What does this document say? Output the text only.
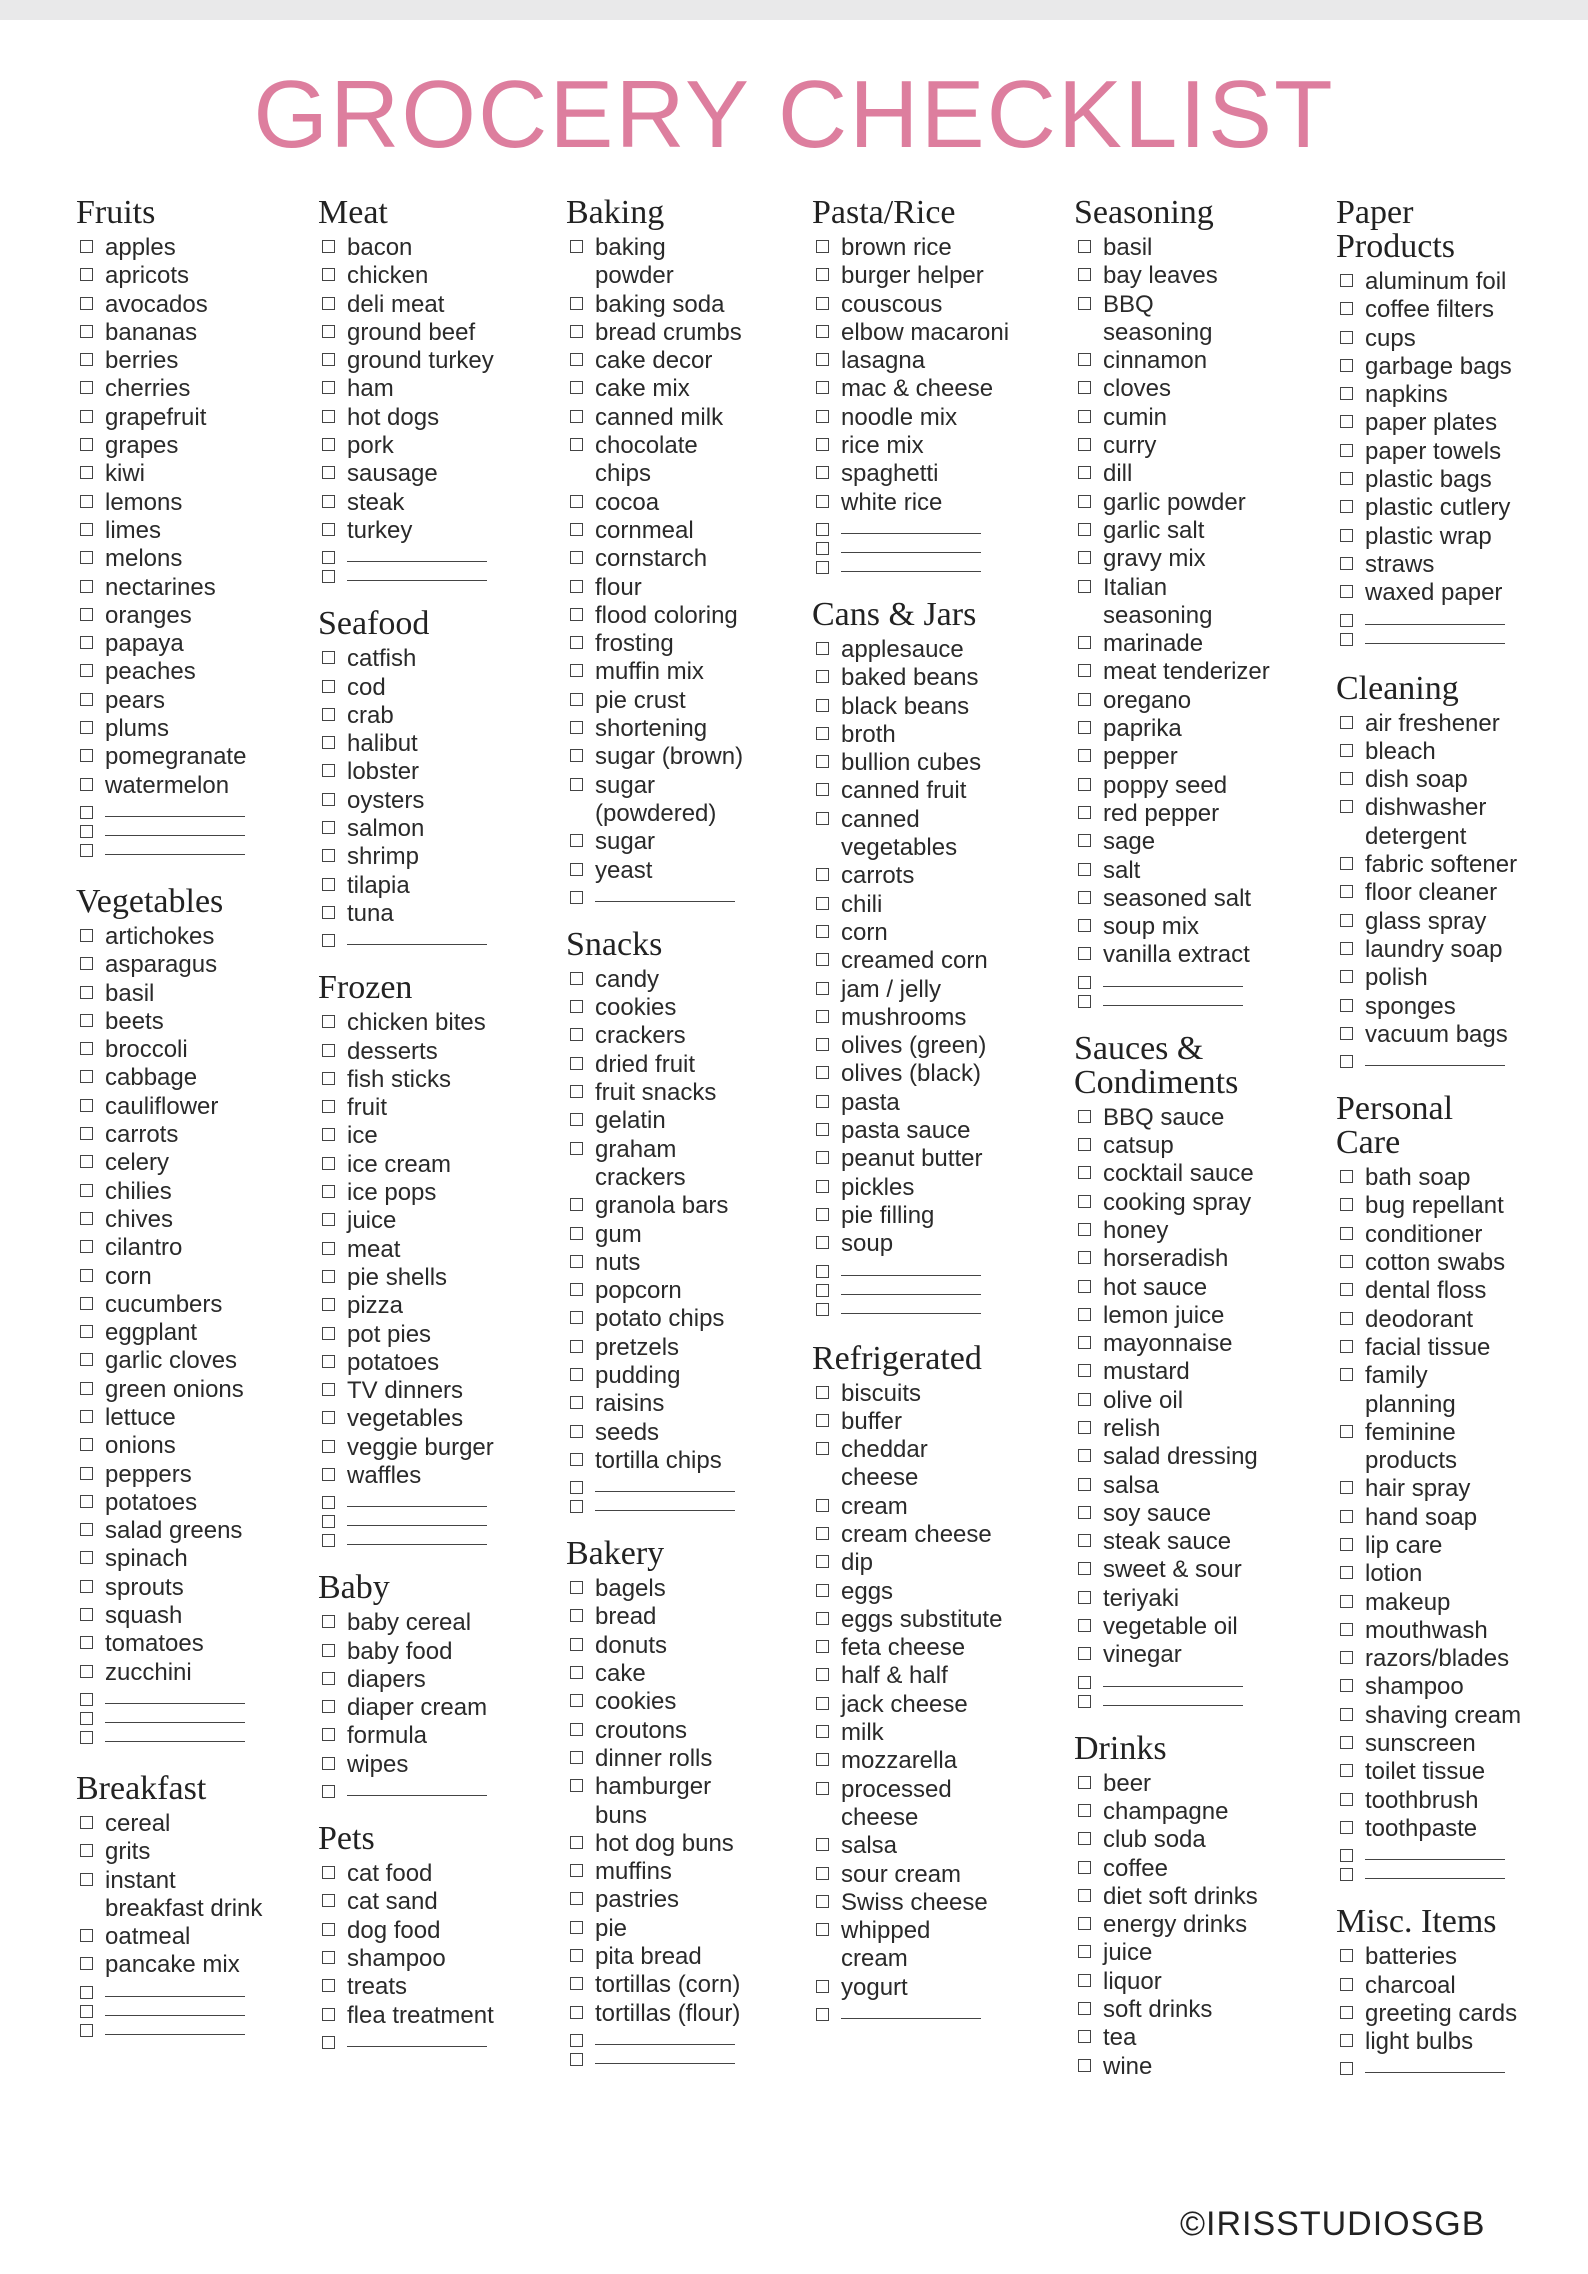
GROCERY CHECKLIST
Fruits
apples
apricots
avocados
bananas
berries
cherries
grapefruit
grapes
kiwi
lemons
limes
melons
nectarines
oranges
papaya
peaches
pears
plums
pomegranate
watermelon
Vegetables
artichokes
asparagus
basil
beets
broccoli
cabbage
cauliflower
carrots
celery
chilies
chives
cilantro
corn
cucumbers
eggplant
garlic cloves
green onions
lettuce
onions
peppers
potatoes
salad greens
spinach
sprouts
squash
tomatoes
zucchini
Breakfast
cereal
grits
instant
breakfast drink
oatmeal
pancake mix
Meat
bacon
chicken
deli meat
ground beef
ground turkey
ham
hot dogs
pork
sausage
steak
turkey
Seafood
catfish
cod
crab
halibut
lobster
oysters
salmon
shrimp
tilapia
tuna
Frozen
chicken bites
desserts
fish sticks
fruit
ice
ice cream
ice pops
juice
meat
pie shells
pizza
pot pies
potatoes
TV dinners
vegetables
veggie burger
waffles
Baby
baby cereal
baby food
diapers
diaper cream
formula
wipes
Pets
cat food
cat sand
dog food
shampoo
treats
flea treatment
Baking
baking
powder
baking soda
bread crumbs
cake decor
cake mix
canned milk
chocolate
chips
cocoa
cornmeal
cornstarch
flour
flood coloring
frosting
muffin mix
pie crust
shortening
sugar (brown)
sugar
(powdered)
sugar
yeast
Snacks
candy
cookies
crackers
dried fruit
fruit snacks
gelatin
graham
crackers
granola bars
gum
nuts
popcorn
potato chips
pretzels
pudding
raisins
seeds
tortilla chips
Bakery
bagels
bread
donuts
cake
cookies
croutons
dinner rolls
hamburger
buns
hot dog buns
muffins
pastries
pie
pita bread
tortillas (corn)
tortillas (flour)
Pasta/Rice
brown rice
burger helper
couscous
elbow macaroni
lasagna
mac & cheese
noodle mix
rice mix
spaghetti
white rice
Cans & Jars
applesauce
baked beans
black beans
broth
bullion cubes
canned fruit
canned
vegetables
carrots
chili
corn
creamed corn
jam / jelly
mushrooms
olives (green)
olives (black)
pasta
pasta sauce
peanut butter
pickles
pie filling
soup
Refrigerated
biscuits
buffer
cheddar
cheese
cream
cream cheese
dip
eggs
eggs substitute
feta cheese
half & half
jack cheese
milk
mozzarella
processed
cheese
salsa
sour cream
Swiss cheese
whipped
cream
yogurt
Seasoning
basil
bay leaves
BBQ
seasoning
cinnamon
cloves
cumin
curry
dill
garlic powder
garlic salt
gravy mix
Italian
seasoning
marinade
meat tenderizer
oregano
paprika
pepper
poppy seed
red pepper
sage
salt
seasoned salt
soup mix
vanilla extract
Sauces &
Condiments
BBQ sauce
catsup
cocktail sauce
cooking spray
honey
horseradish
hot sauce
lemon juice
mayonnaise
mustard
olive oil
relish
salad dressing
salsa
soy sauce
steak sauce
sweet & sour
teriyaki
vegetable oil
vinegar
Drinks
beer
champagne
club soda
coffee
diet soft drinks
energy drinks
juice
liquor
soft drinks
tea
wine
Paper
Products
aluminum foil
coffee filters
cups
garbage bags
napkins
paper plates
paper towels
plastic bags
plastic cutlery
plastic wrap
straws
waxed paper
Cleaning
air freshener
bleach
dish soap
dishwasher
detergent
fabric softener
floor cleaner
glass spray
laundry soap
polish
sponges
vacuum bags
Personal
Care
bath soap
bug repellant
conditioner
cotton swabs
dental floss
deodorant
facial tissue
family
planning
feminine
products
hair spray
hand soap
lip care
lotion
makeup
mouthwash
razors/blades
shampoo
shaving cream
sunscreen
toilet tissue
toothbrush
toothpaste
Misc. Items
batteries
charcoal
greeting cards
light bulbs
©IRISSTUDIOSGB
